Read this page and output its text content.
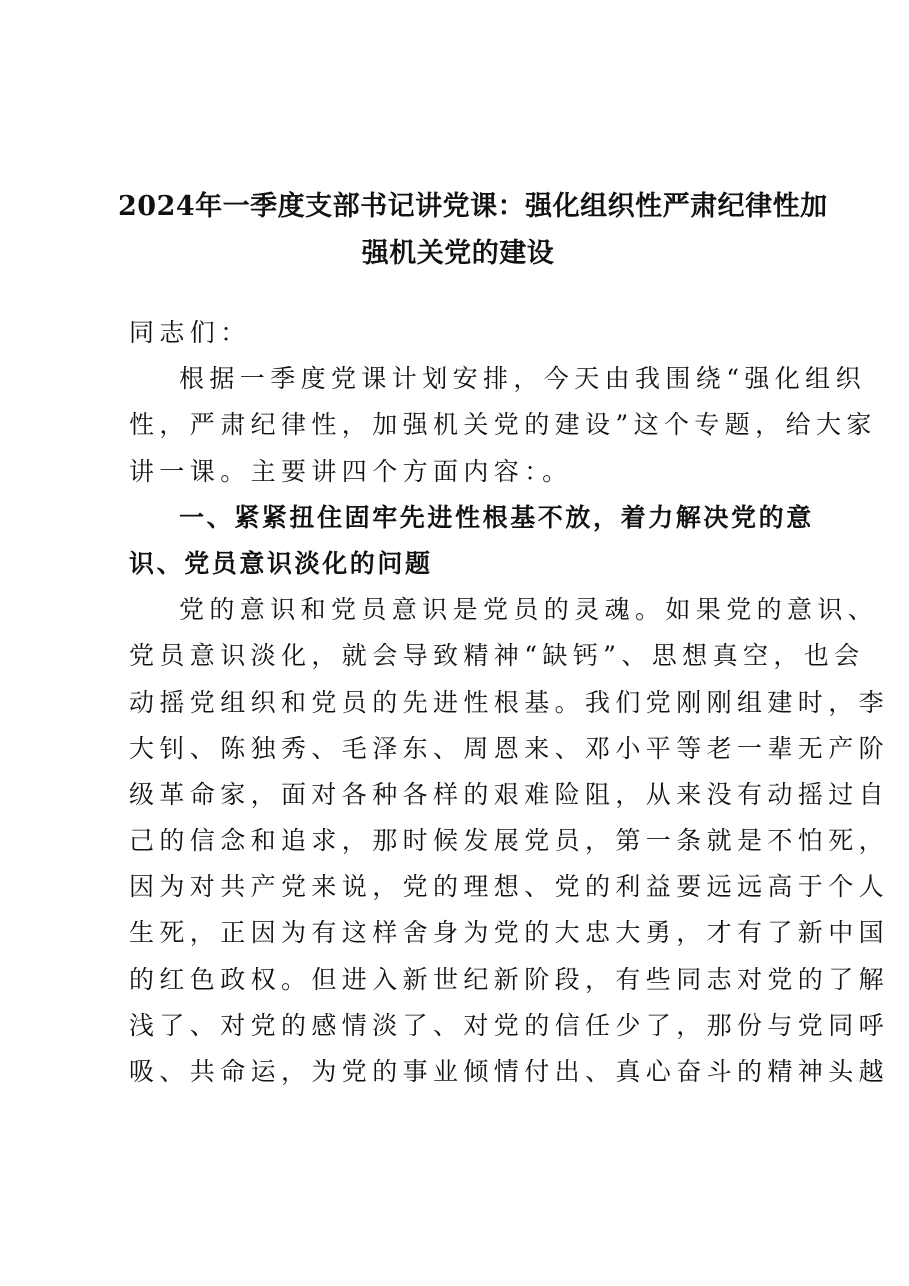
2024年一季度支部书记讲党课：强化组织性严肃纪律性加
强机关党的建设
同志们：
根据一季度党课计划安排，今天由我围绕“强化组织
性，严肃纪律性，加强机关党的建设”这个专题，给大家
讲一课。主要讲四个方面内容：。
一、紧紧扭住固牢先进性根基不放，着力解决党的意
识、党员意识淡化的问题
党的意识和党员意识是党员的灵魂。如果党的意识、
党员意识淡化，就会导致精神“缺钙”、思想真空，也会
动摇党组织和党员的先进性根基。我们党刚刚组建时，李
大钊、陈独秀、毛泽东、周恩来、邓小平等老一辈无产阶
级革命家，面对各种各样的艰难险阻，从来没有动摇过自
己的信念和追求，那时候发展党员，第一条就是不怕死，
因为对共产党来说，党的理想、党的利益要远远高于个人
生死，正因为有这样舍身为党的大忠大勇，才有了新中国
的红色政权。但进入新世纪新阶段，有些同志对党的了解
浅了、对党的感情淡了、对党的信任少了，那份与党同呼
吸、共命运，为党的事业倾情付出、真心奋斗的精神头越
